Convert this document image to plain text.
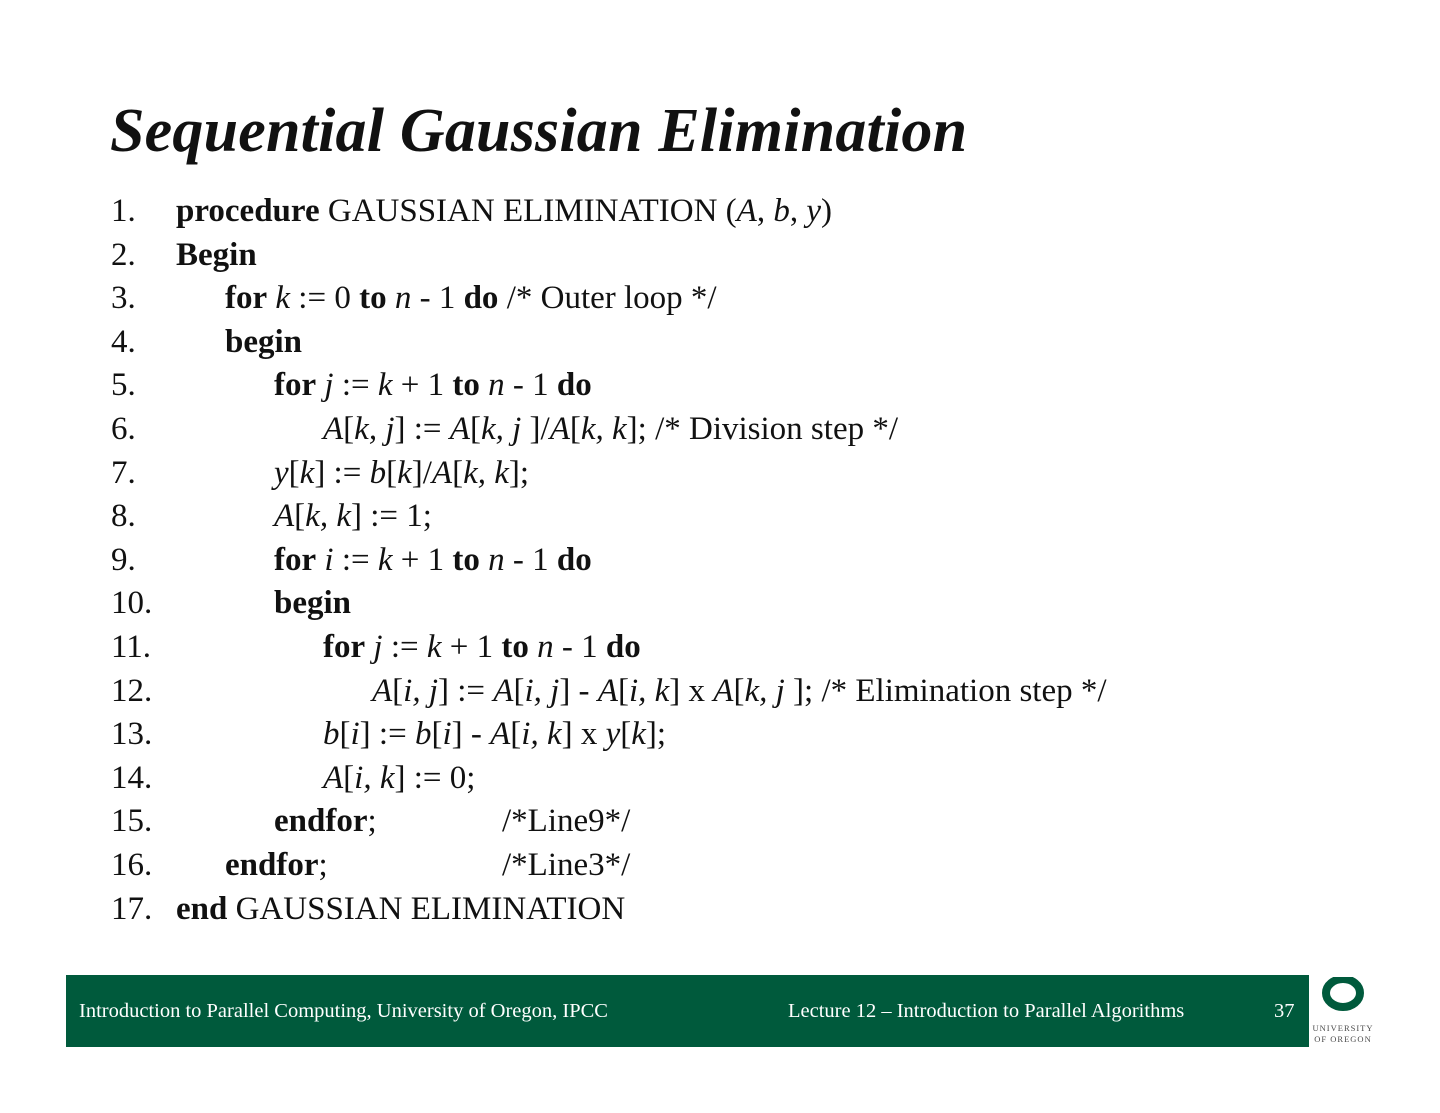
Sequential Gaussian Elimination
1. procedure GAUSSIAN ELIMINATION (A, b, y)
2. Begin
3.	for k := 0 to n - 1 do /* Outer loop */
4.	begin
5.	for j := k + 1 to n - 1 do
6.	A[k, j] := A[k, j ]/A[k, k]; /* Division step */
7.	y[k] := b[k]/A[k, k];
8.	A[k, k] := 1;
9.	for i := k + 1 to n - 1 do
10.	begin
11.	for j := k + 1 to n - 1 do
12.	A[i, j] := A[i, j] - A[i, k] x A[k, j ]; /* Elimination step */
13.	b[i] := b[i] - A[i, k] x y[k];
14.	A[i, k] := 0;
15.	endfor;	/*Line9*/
16. endfor;	/*Line3*/
17. end GAUSSIAN ELIMINATION
Introduction to Parallel Computing, University of Oregon, IPCC	Lecture 12 – Introduction to Parallel Algorithms	37
UNIVERSITY
OF OREGON
